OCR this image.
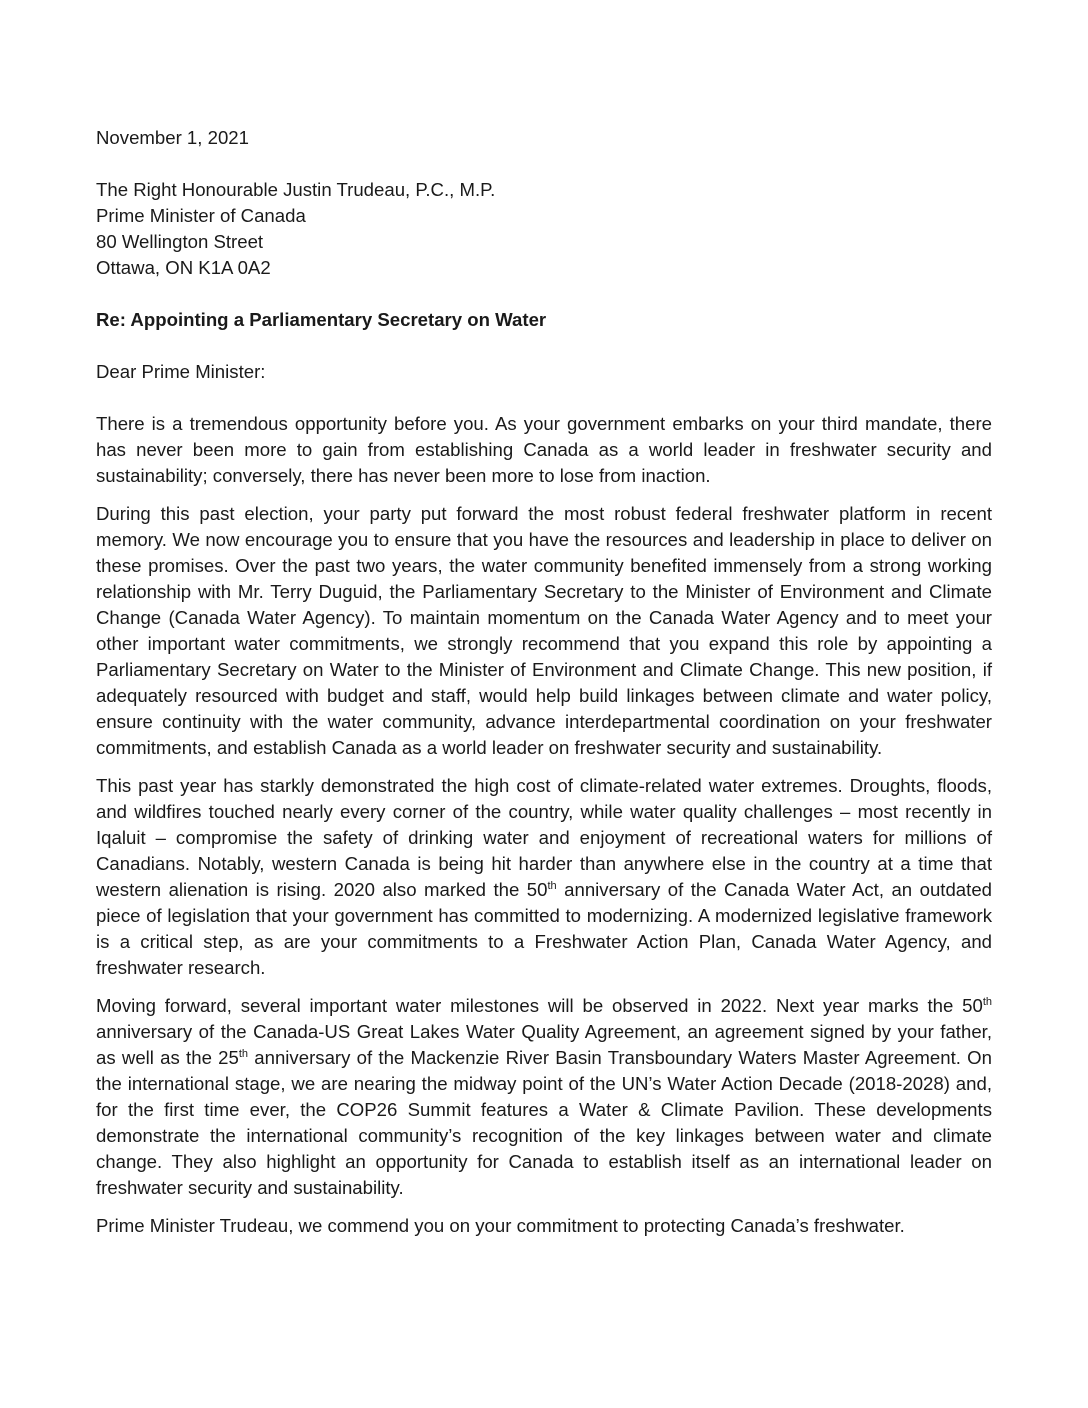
November 1, 2021
The Right Honourable Justin Trudeau, P.C., M.P.
Prime Minister of Canada
80 Wellington Street
Ottawa, ON K1A 0A2
Re: Appointing a Parliamentary Secretary on Water
Dear Prime Minister:

There is a tremendous opportunity before you. As your government embarks on your third mandate, there has never been more to gain from establishing Canada as a world leader in freshwater security and sustainability; conversely, there has never been more to lose from inaction.

During this past election, your party put forward the most robust federal freshwater platform in recent memory. We now encourage you to ensure that you have the resources and leadership in place to deliver on these promises. Over the past two years, the water community benefited immensely from a strong working relationship with Mr. Terry Duguid, the Parliamentary Secretary to the Minister of Environment and Climate Change (Canada Water Agency). To maintain momentum on the Canada Water Agency and to meet your other important water commitments, we strongly recommend that you expand this role by appointing a Parliamentary Secretary on Water to the Minister of Environment and Climate Change. This new position, if adequately resourced with budget and staff, would help build linkages between climate and water policy, ensure continuity with the water community, advance interdepartmental coordination on your freshwater commitments, and establish Canada as a world leader on freshwater security and sustainability.

This past year has starkly demonstrated the high cost of climate-related water extremes. Droughts, floods, and wildfires touched nearly every corner of the country, while water quality challenges – most recently in Iqaluit – compromise the safety of drinking water and enjoyment of recreational waters for millions of Canadians. Notably, western Canada is being hit harder than anywhere else in the country at a time that western alienation is rising. 2020 also marked the 50th anniversary of the Canada Water Act, an outdated piece of legislation that your government has committed to modernizing. A modernized legislative framework is a critical step, as are your commitments to a Freshwater Action Plan, Canada Water Agency, and freshwater research.

Moving forward, several important water milestones will be observed in 2022. Next year marks the 50th anniversary of the Canada-US Great Lakes Water Quality Agreement, an agreement signed by your father, as well as the 25th anniversary of the Mackenzie River Basin Transboundary Waters Master Agreement. On the international stage, we are nearing the midway point of the UN’s Water Action Decade (2018-2028) and, for the first time ever, the COP26 Summit features a Water & Climate Pavilion. These developments demonstrate the international community’s recognition of the key linkages between water and climate change. They also highlight an opportunity for Canada to establish itself as an international leader on freshwater security and sustainability.

Prime Minister Trudeau, we commend you on your commitment to protecting Canada’s freshwater.
